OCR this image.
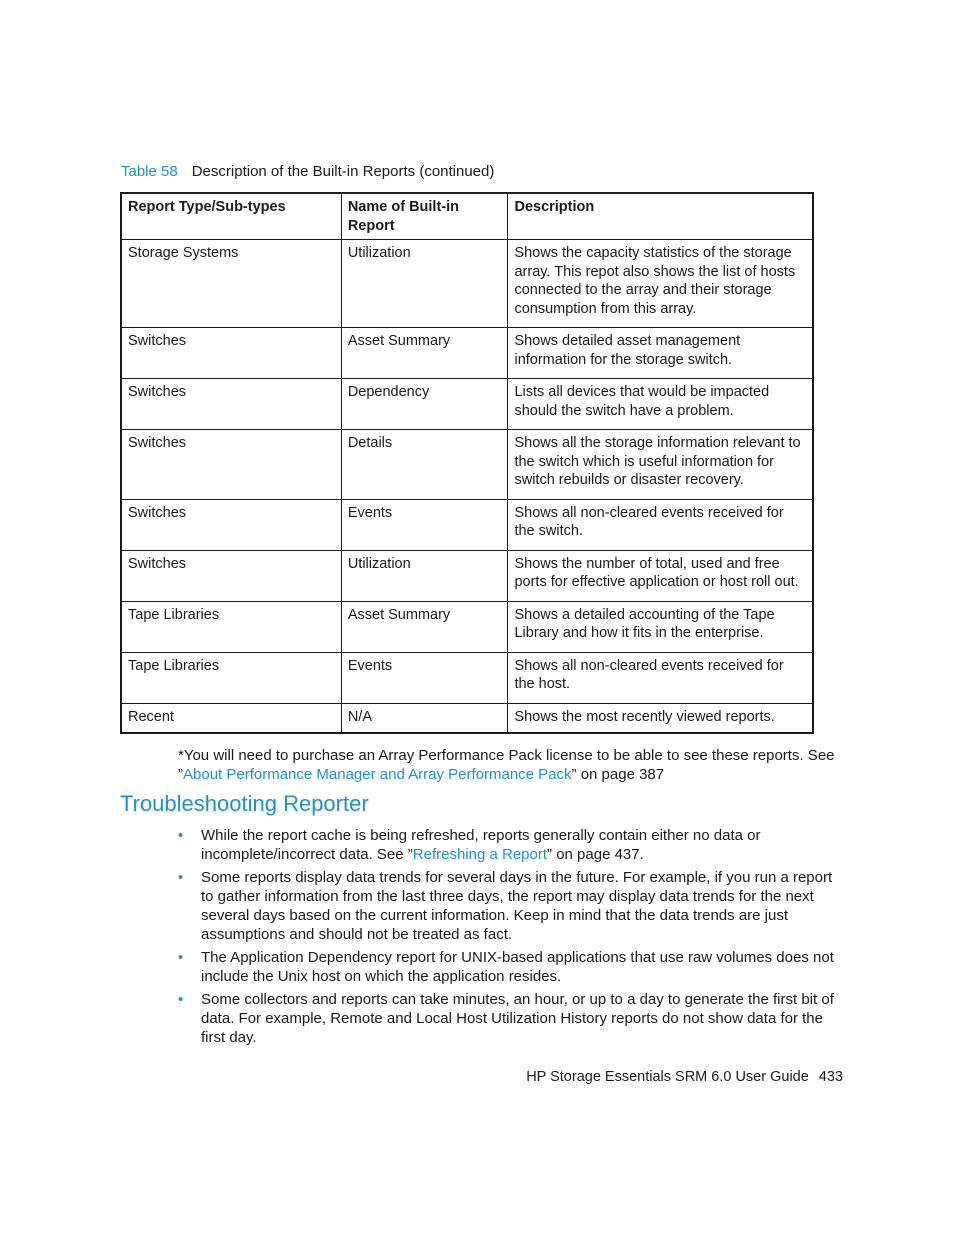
Table 58 Description of the Built-in Reports (continued)
Report Type/Sub-types	Name of Built-in Report	Description
Storage Systems	Utilization	Shows the capacity statistics of the storage array. This repot also shows the list of hosts connected to the array and their storage consumption from this array.
Switches	Asset Summary	Shows detailed asset management information for the storage switch.
Switches	Dependency	Lists all devices that would be impacted should the switch have a problem.
Switches	Details	Shows all the storage information relevant to the switch which is useful information for switch rebuilds or disaster recovery.
Switches	Events	Shows all non-cleared events received for the switch.
Switches	Utilization	Shows the number of total, used and free ports for effective application or host roll out.
Tape Libraries	Asset Summary	Shows a detailed accounting of the Tape Library and how it fits in the enterprise.
Tape Libraries	Events	Shows all non-cleared events received for the host.
Recent	N/A	Shows the most recently viewed reports.

*You will need to purchase an Array Performance Pack license to be able to see these reports. See ”About Performance Manager and Array Performance Pack” on page 387

Troubleshooting Reporter
• While the report cache is being refreshed, reports generally contain either no data or incomplete/incorrect data. See ”Refreshing a Report” on page 437.
• Some reports display data trends for several days in the future. For example, if you run a report to gather information from the last three days, the report may display data trends for the next several days based on the current information. Keep in mind that the data trends are just assumptions and should not be treated as fact.
• The Application Dependency report for UNIX-based applications that use raw volumes does not include the Unix host on which the application resides.
• Some collectors and reports can take minutes, an hour, or up to a day to generate the first bit of data. For example, Remote and Local Host Utilization History reports do not show data for the first day.
HP Storage Essentials SRM 6.0 User Guide 433
